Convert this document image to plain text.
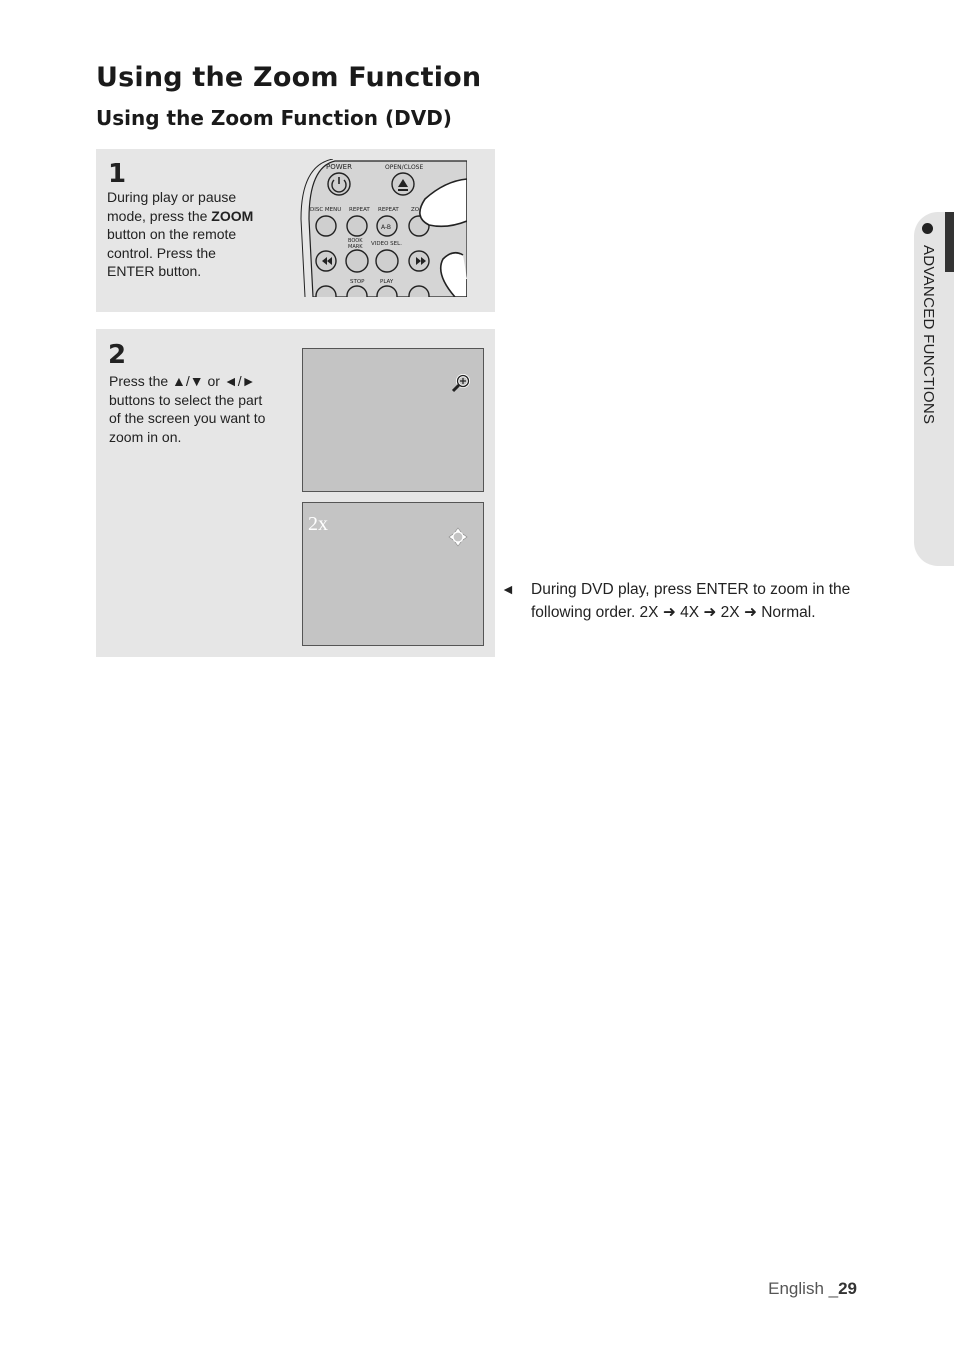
Using the Zoom Function
Using the Zoom Function (DVD)
1
During play or pause mode, press the ZOOM button on the remote control. Press the ENTER button.
POWER	OPEN/CLOSE
DISC MENU REPEAT REPEAT ZO
BOOK
MARK VIDEO SEL.
STOP	PLAY
A-B
2
Press the ▲/▼ or ◄/► buttons to select the part of the screen you want to zoom in on.
2x
◄ During DVD play, press ENTER to zoom in the following order. 2X ➜ 4X ➜ 2X ➜ Normal.
ADVANCED FUNCTIONS
English _29
